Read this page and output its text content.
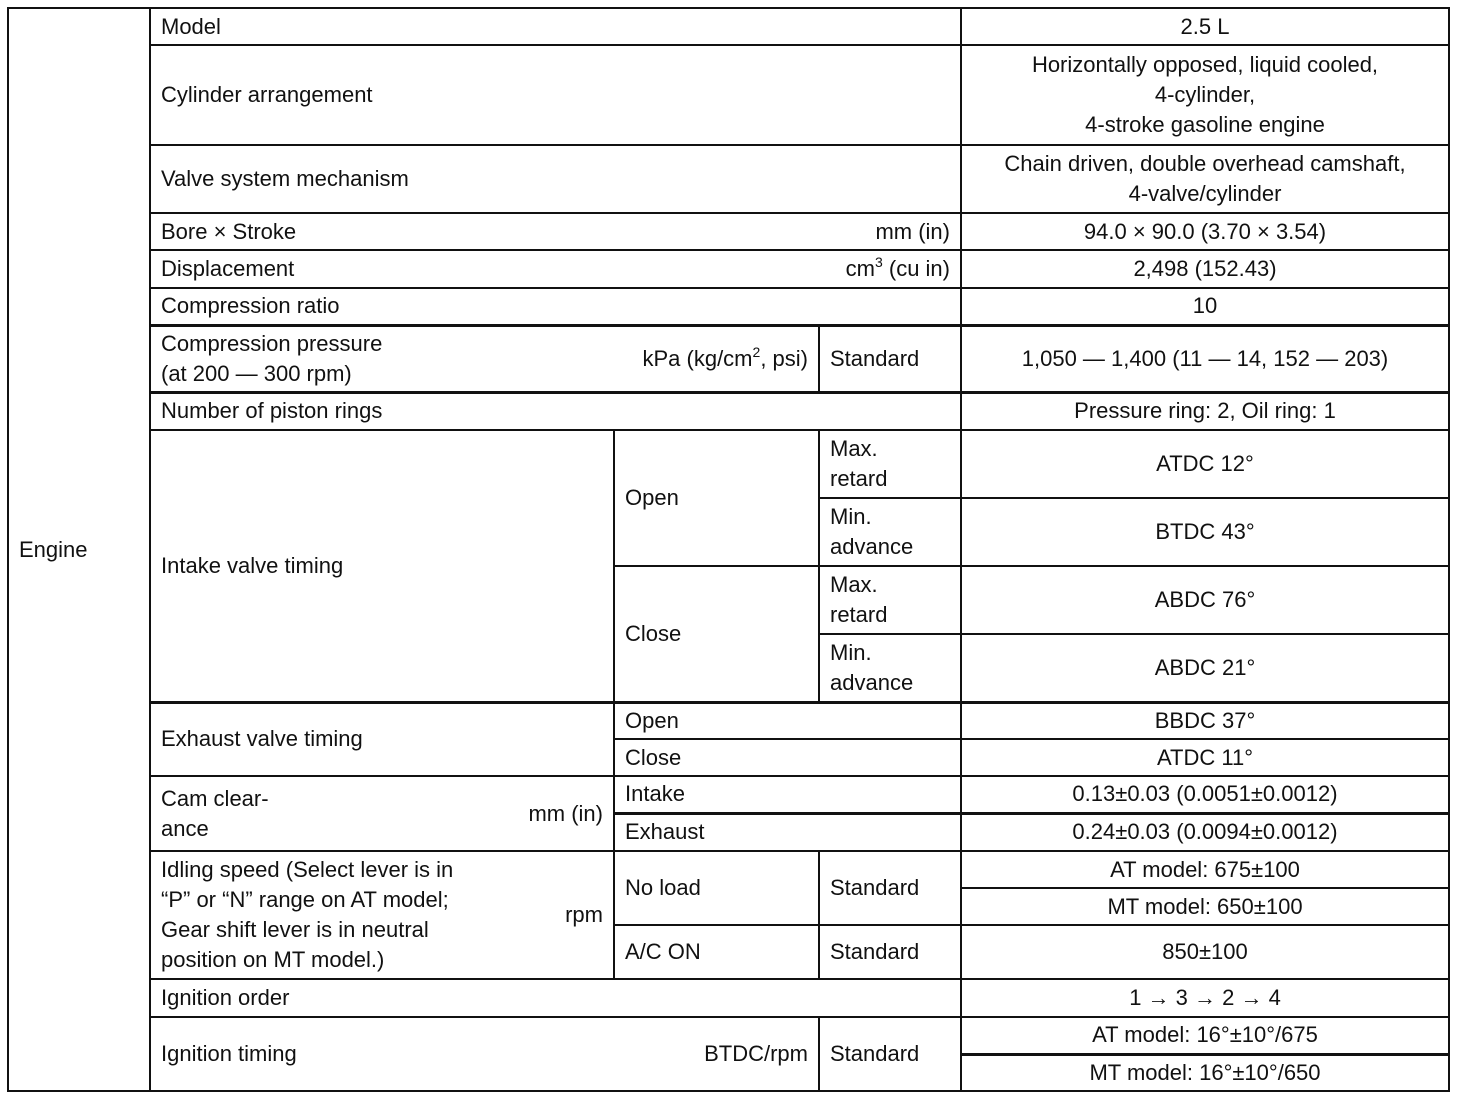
Engine	Model			2.5 L
	Cylinder arrangement			Horizontally opposed, liquid cooled,
4-cylinder,
4-stroke gasoline engine

	Valve system mechanism			Chain driven, double overhead camshaft,
4-valve/cylinder

	Bore × Stroke mm (in)			94.0 × 90.0 (3.70 × 3.54)

	Displacement $cm^3$ (cu in)			2,498 (152.43)
	Compression ratio			10

	Compression pressure
(at 200 — 300 rpm)
kPa ($kg/cm^2$, psi)		Standard	1,050 — 1,400 (11 — 14, 152 — 203)
	Number of piston rings			Pressure ring: 2, Oil ring: 1
	Intake valve timing	Open	Max.
retard	ATDC 12°

			Min.
advance	BTDC 43°
		Close	Max.
retard	ABDC 76°

			Min.
advance	ABDC 21°
	Exhaust valve timing	Open		BBDC 37°
		Close		ATDC 11°

	Cam clear-
ance
mm (in)	Intake		0.13±0.03 (0.0051±0.0012)
		Exhaust		0.24±0.03 (0.0094±0.0012)

	Idling speed (Select lever is in
“P” or “N” range on AT model;
Gear shift lever is in neutral
position on MT model.)
rpm	No load	Standard	AT model: 675±100
				MT model: 650±100
		A/C ON	Standard	850±100
	Ignition order			1 → 3 → 2 → 4

	Ignition timing BTDC/rpm		Standard	AT model: 16°±10°/675
				MT model: 16°±10°/650
